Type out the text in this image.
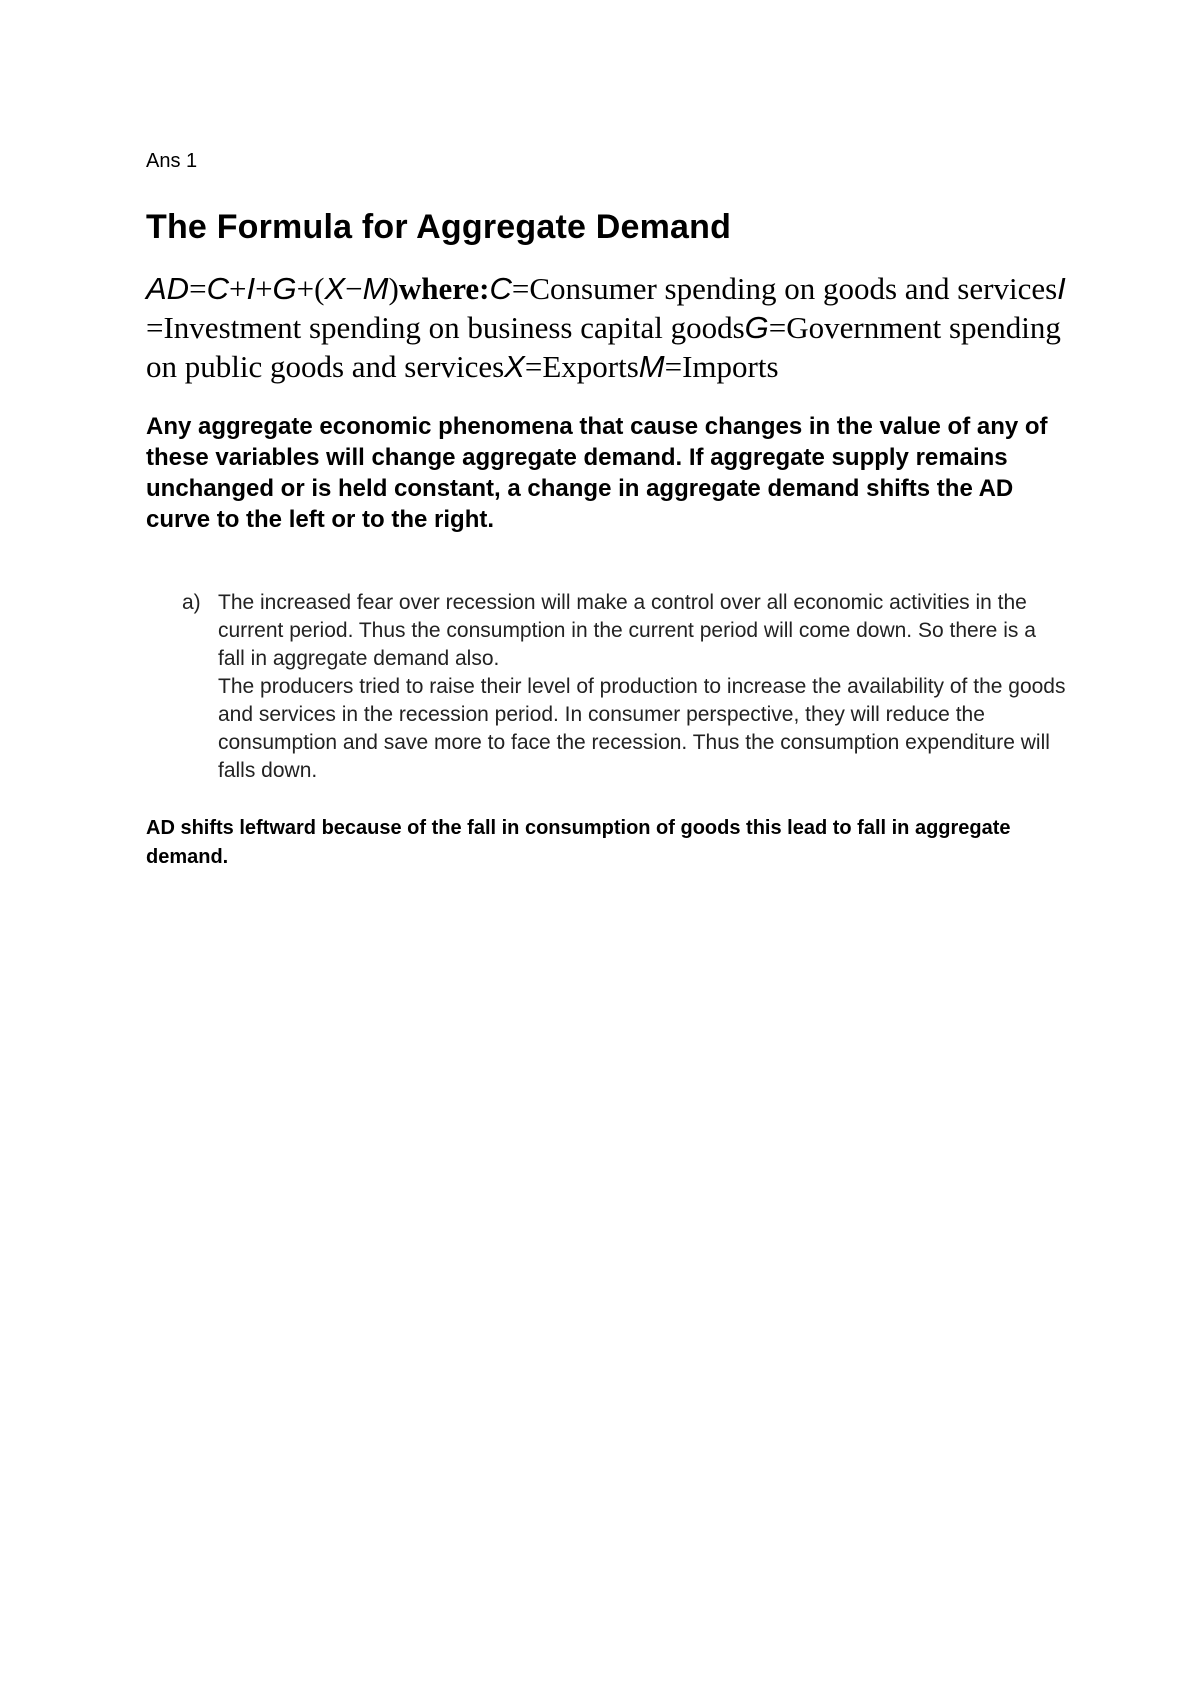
Ans 1

The Formula for Aggregate Demand

AD=C+I+G+(X−M)where:C=Consumer spending on goods and servicesI=Investment spending on business capital goodsG=Government spending on public goods and servicesX=ExportsM=Imports

Any aggregate economic phenomena that cause changes in the value of any of these variables will change aggregate demand. If aggregate supply remains unchanged or is held constant, a change in aggregate demand shifts the AD curve to the left or to the right.

a) The increased fear over recession will make a control over all economic activities in the current period. Thus the consumption in the current period will come down. So there is a fall in aggregate demand also.

The producers tried to raise their level of production to increase the availability of the goods and services in the recession period. In consumer perspective, they will reduce the consumption and save more to face the recession. Thus the consumption expenditure will falls down.

AD shifts leftward because of the fall in consumption of goods this lead to fall in aggregate demand.
